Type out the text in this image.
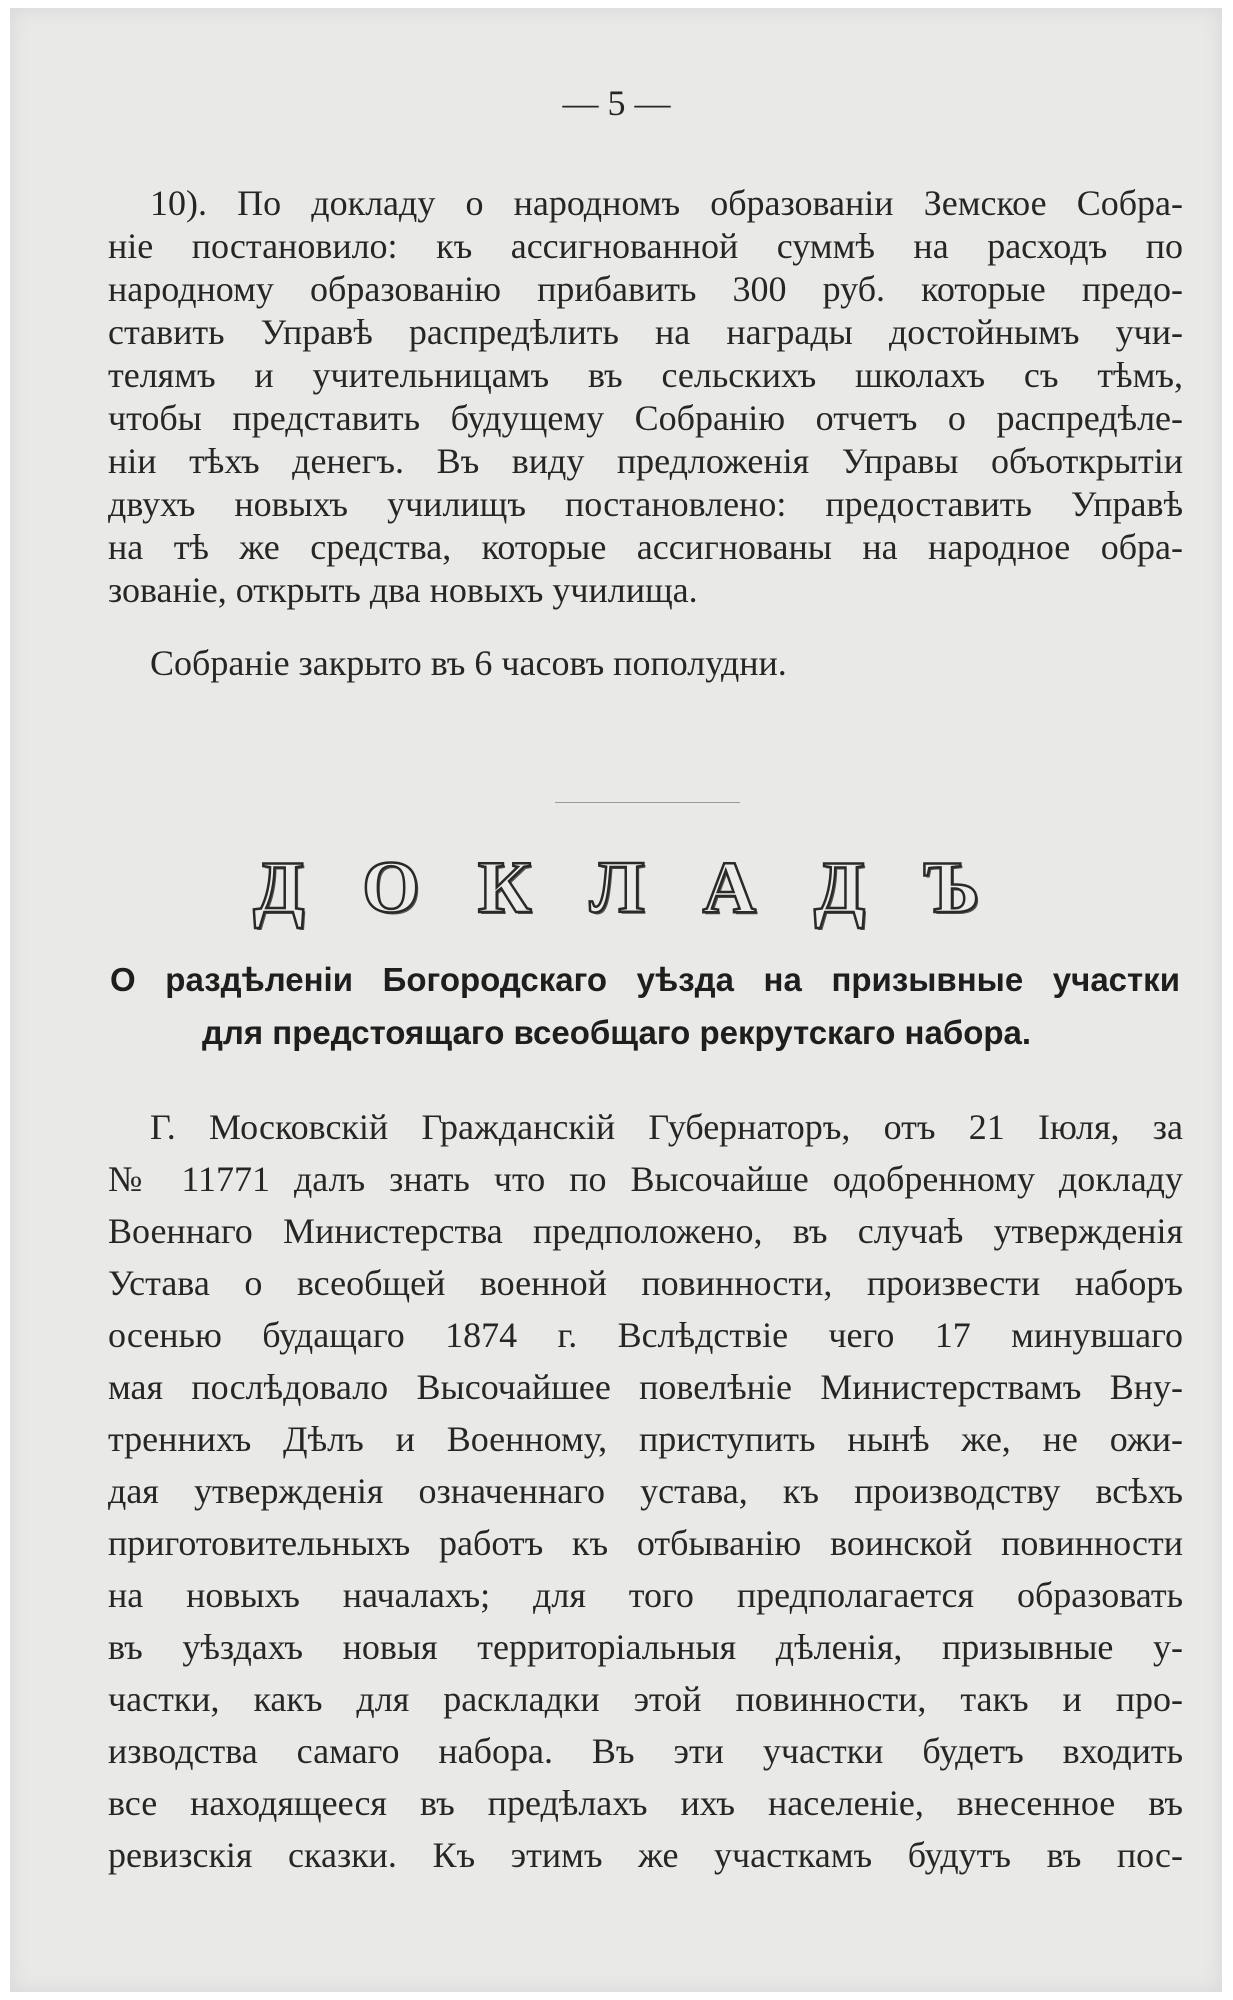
— 5 —
10). По докладу о народномъ образованіи Земское Собра-
ніе постановило: къ ассигнованной суммѣ на расходъ по
народному образованію прибавить 300 руб. которые предо-
ставить Управѣ распредѣлить на награды достойнымъ учи-
телямъ и учительницамъ въ сельскихъ школахъ съ тѣмъ,
чтобы представить будущему Собранію отчетъ о распредѣле-
ніи тѣхъ денегъ. Въ виду предложенія Управы объоткрытіи
двухъ новыхъ училищъ постановлено: предоставить Управѣ
на тѣ же средства, которые ассигнованы на народное обра-
зованіе, открыть два новыхъ училища.
Собраніе закрыто въ 6 часовъ пополудни.
ДОКЛАДЪ
О раздѣленіи Богородскаго уѣзда на призывные участки
для предстоящаго всеобщаго рекрутскаго набора.
Г. Московскій Гражданскій Губернаторъ, отъ 21 Іюля, за
№ 11771 далъ знать что по Высочайше одобренному докладу
Военнаго Министерства предположено, въ случаѣ утвержденія
Устава о всеобщей военной повинности, произвести наборъ
осенью будащаго 1874 г. Вслѣдствіе чего 17 минувшаго
мая послѣдовало Высочайшее повелѣніе Министерствамъ Вну-
треннихъ Дѣлъ и Военному, приступить нынѣ же, не ожи-
дая утвержденія означеннаго устава, къ производству всѣхъ
приготовительныхъ работъ къ отбыванію воинской повинности
на новыхъ началахъ; для того предполагается образовать
въ уѣздахъ новыя территоріальныя дѣленія, призывные у-
частки, какъ для раскладки этой повинности, такъ и про-
изводства самаго набора. Въ эти участки будетъ входить
все находящееся въ предѣлахъ ихъ населеніе, внесенное въ
ревизскія сказки. Къ этимъ же участкамъ будутъ въ пос-
